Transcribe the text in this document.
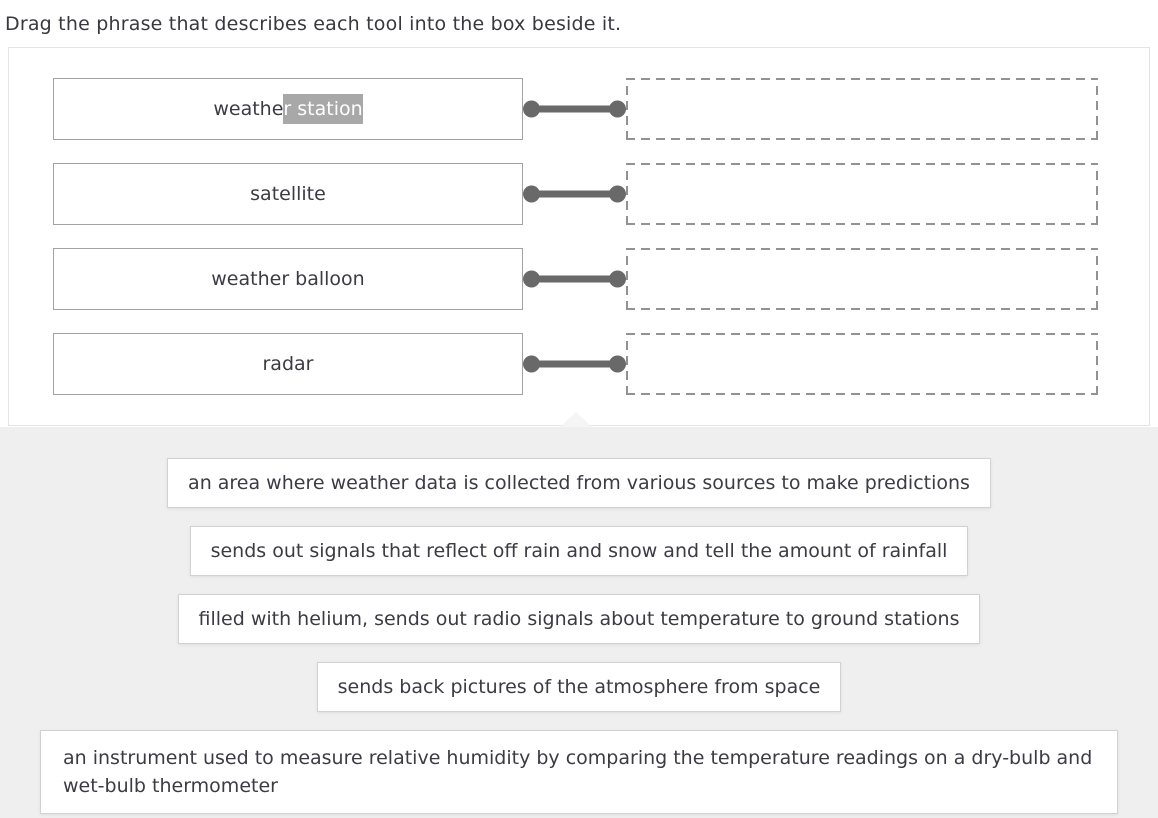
Drag the phrase that describes each tool into the box beside it.
weathe r station
satellite
weather balloon
radar
an area where weather data is collected from various sources to make predictions
sends out signals that reflect off rain and snow and tell the amount of rainfall
filled with helium, sends out radio signals about temperature to ground stations
sends back pictures of the atmosphere from space
an instrument used to measure relative humidity by comparing the temperature readings on a dry-bulb and wet-bulb thermometer
